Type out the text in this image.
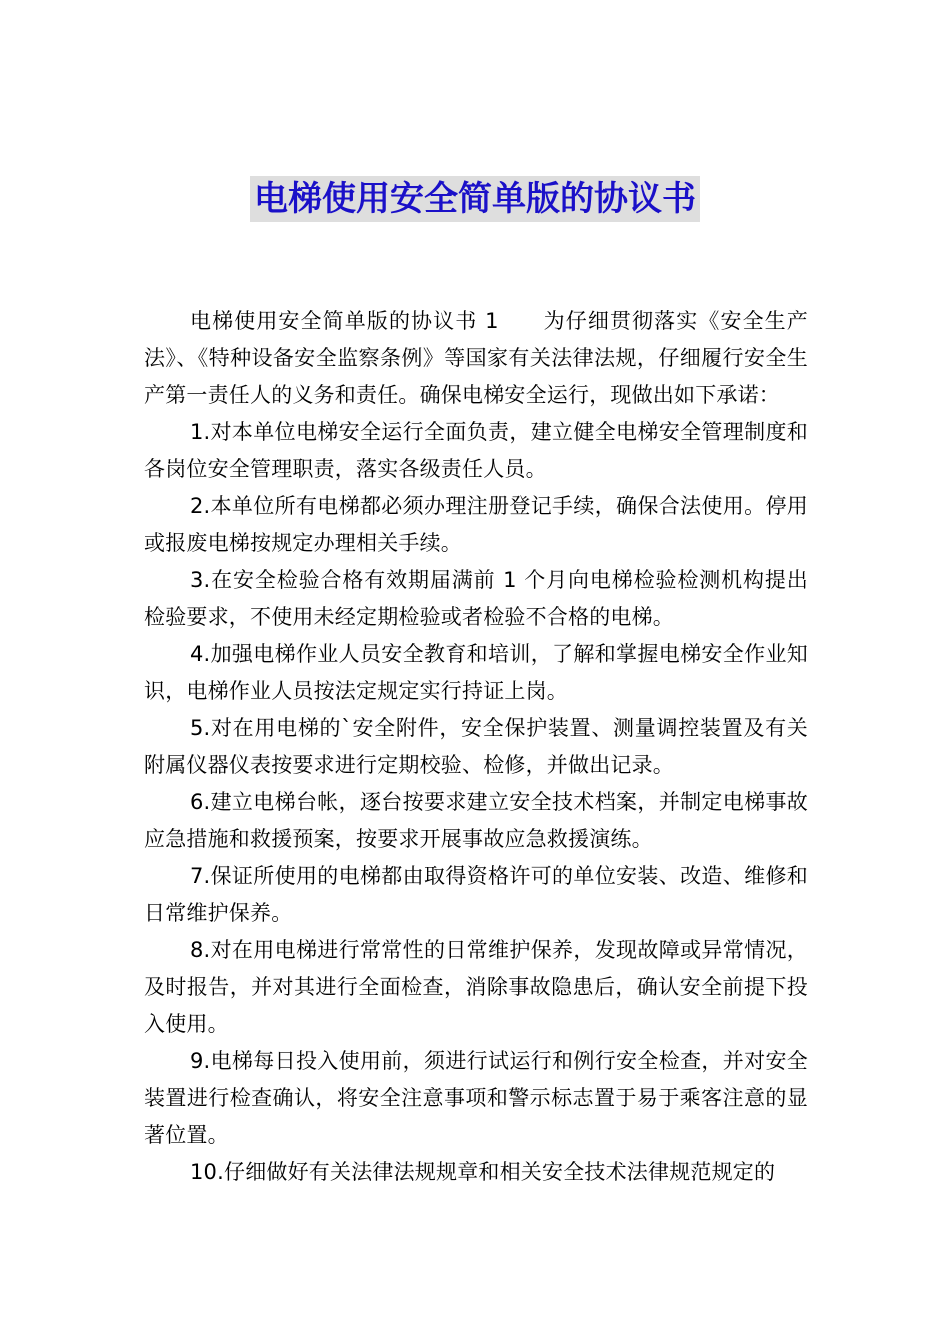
电梯使用安全简单版的协议书

电梯使用安全简单版的协议书 1 为仔细贯彻落实《安全生产法》、《特种设备安全监察条例》等国家有关法律法规，仔细履行安全生产第一责任人的义务和责任。确保电梯安全运行，现做出如下承诺：

1.对本单位电梯安全运行全面负责，建立健全电梯安全管理制度和各岗位安全管理职责，落实各级责任人员。

2.本单位所有电梯都必须办理注册登记手续，确保合法使用。停用或报废电梯按规定办理相关手续。

3.在安全检验合格有效期届满前 1 个月向电梯检验检测机构提出检验要求，不使用未经定期检验或者检验不合格的电梯。

4.加强电梯作业人员安全教育和培训，了解和掌握电梯安全作业知识，电梯作业人员按法定规定实行持证上岗。

5.对在用电梯的`安全附件，安全保护装置、测量调控装置及有关附属仪器仪表按要求进行定期校验、检修，并做出记录。

6.建立电梯台帐，逐台按要求建立安全技术档案，并制定电梯事故应急措施和救援预案，按要求开展事故应急救援演练。

7.保证所使用的电梯都由取得资格许可的单位安装、改造、维修和日常维护保养。

8.对在用电梯进行常常性的日常维护保养，发现故障或异常情况，及时报告，并对其进行全面检查，消除事故隐患后，确认安全前提下投入使用。

9.电梯每日投入使用前，须进行试运行和例行安全检查，并对安全装置进行检查确认，将安全注意事项和警示标志置于易于乘客注意的显著位置。

10.仔细做好有关法律法规规章和相关安全技术法律规范规定的
